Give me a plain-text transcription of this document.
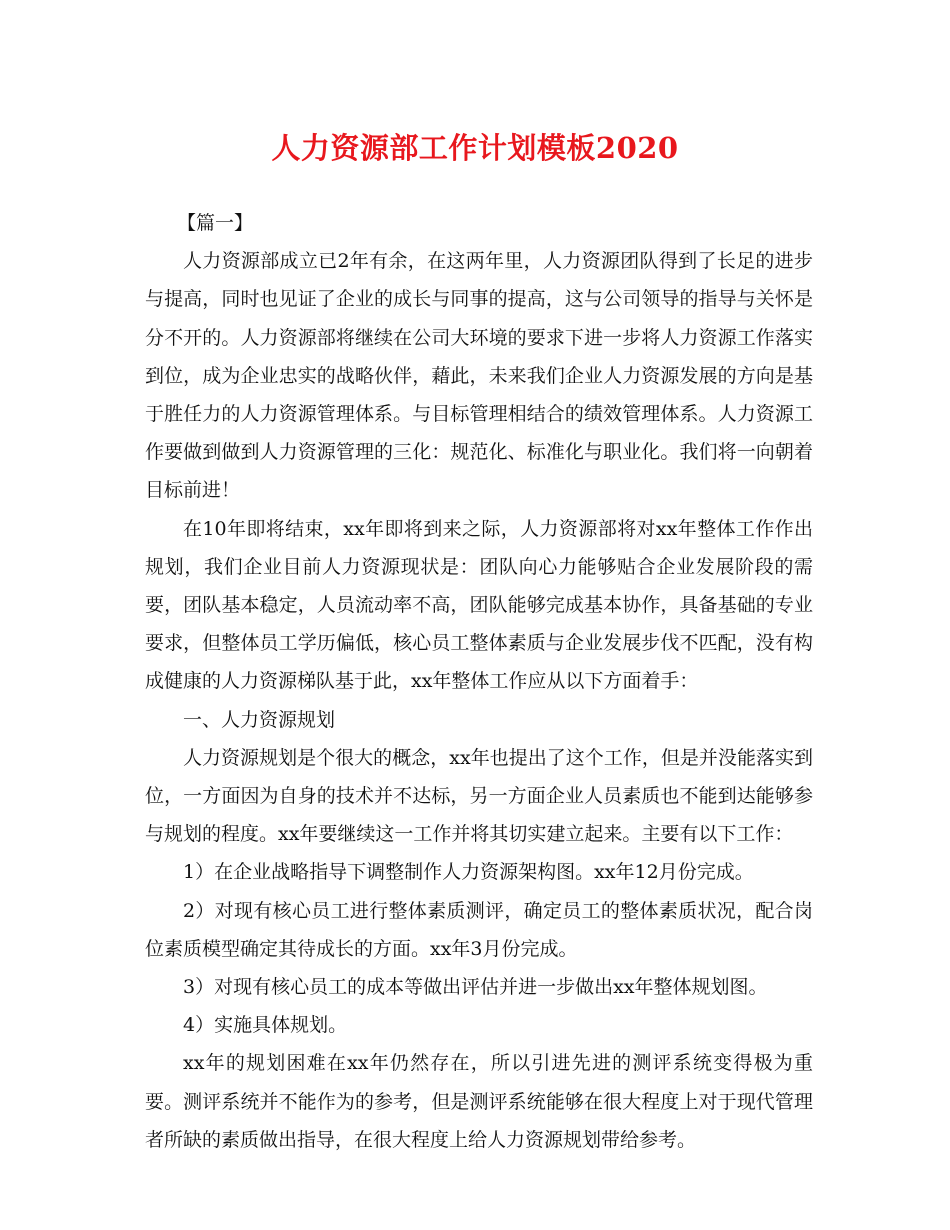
人力资源部工作计划模板2020

【篇一】

人力资源部成立已2年有余，在这两年里，人力资源团队得到了长足的进步与提高，同时也见证了企业的成长与同事的提高，这与公司领导的指导与关怀是分不开的。人力资源部将继续在公司大环境的要求下进一步将人力资源工作落实到位，成为企业忠实的战略伙伴，藉此，未来我们企业人力资源发展的方向是基于胜任力的人力资源管理体系。与目标管理相结合的绩效管理体系。人力资源工作要做到做到人力资源管理的三化：规范化、标准化与职业化。我们将一向朝着目标前进！

在10年即将结束，xx年即将到来之际，人力资源部将对xx年整体工作作出规划，我们企业目前人力资源现状是：团队向心力能够贴合企业发展阶段的需要，团队基本稳定，人员流动率不高，团队能够完成基本协作，具备基础的专业要求，但整体员工学历偏低，核心员工整体素质与企业发展步伐不匹配，没有构成健康的人力资源梯队基于此，xx年整体工作应从以下方面着手：

一、人力资源规划

人力资源规划是个很大的概念，xx年也提出了这个工作，但是并没能落实到位，一方面因为自身的技术并不达标，另一方面企业人员素质也不能到达能够参与规划的程度。xx年要继续这一工作并将其切实建立起来。主要有以下工作：

1）在企业战略指导下调整制作人力资源架构图。xx年12月份完成。

2）对现有核心员工进行整体素质测评，确定员工的整体素质状况，配合岗位素质模型确定其待成长的方面。xx年3月份完成。

3）对现有核心员工的成本等做出评估并进一步做出xx年整体规划图。

4）实施具体规划。

xx年的规划困难在xx年仍然存在，所以引进先进的测评系统变得极为重要。测评系统并不能作为的参考，但是测评系统能够在很大程度上对于现代管理者所缺的素质做出指导，在很大程度上给人力资源规划带给参考。
